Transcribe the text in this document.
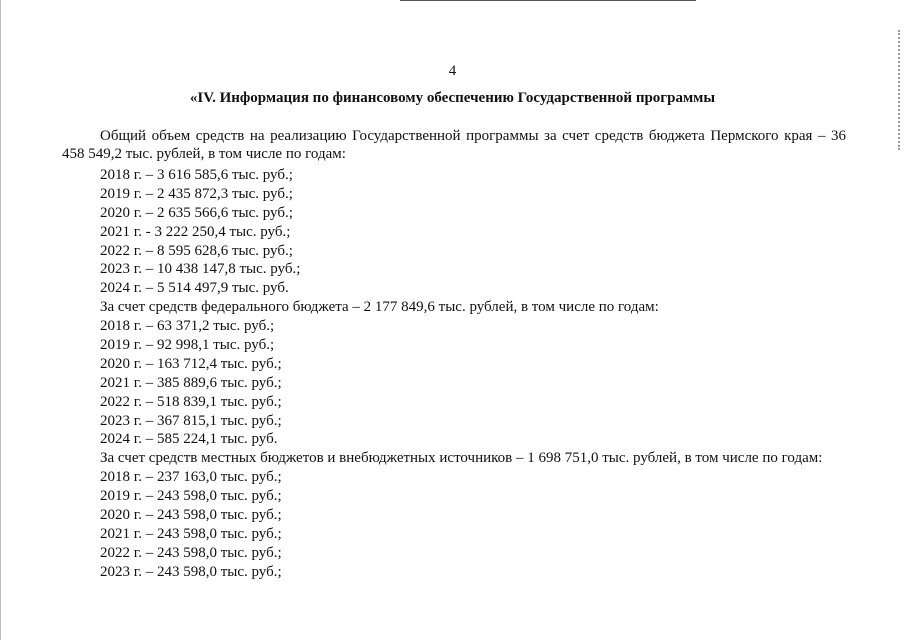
4
«IV. Информация по финансовому обеспечению Государственной программы

Общий объем средств на реализацию Государственной программы за счет средств бюджета Пермского края – 36 458 549,2 тыс. рублей, в том числе по годам:

2018 г. – 3 616 585,6 тыс. руб.;
2019 г. – 2 435 872,3 тыс. руб.;
2020 г. – 2 635 566,6 тыс. руб.;
2021 г. - 3 222 250,4 тыс. руб.;
2022 г. – 8 595 628,6 тыс. руб.;
2023 г. – 10 438 147,8 тыс. руб.;
2024 г. – 5 514 497,9 тыс. руб.
За счет средств федерального бюджета – 2 177 849,6 тыс. рублей, в том числе по годам:
2018 г. – 63 371,2 тыс. руб.;
2019 г. – 92 998,1 тыс. руб.;
2020 г. – 163 712,4 тыс. руб.;
2021 г. – 385 889,6 тыс. руб.;
2022 г. – 518 839,1 тыс. руб.;
2023 г. – 367 815,1 тыс. руб.;
2024 г. – 585 224,1 тыс. руб.
За счет средств местных бюджетов и внебюджетных источников – 1 698 751,0 тыс. рублей, в том числе по годам:
2018 г. – 237 163,0 тыс. руб.;
2019 г. – 243 598,0 тыс. руб.;
2020 г. – 243 598,0 тыс. руб.;
2021 г. – 243 598,0 тыс. руб.;
2022 г. – 243 598,0 тыс. руб.;
2023 г. – 243 598,0 тыс. руб.;
